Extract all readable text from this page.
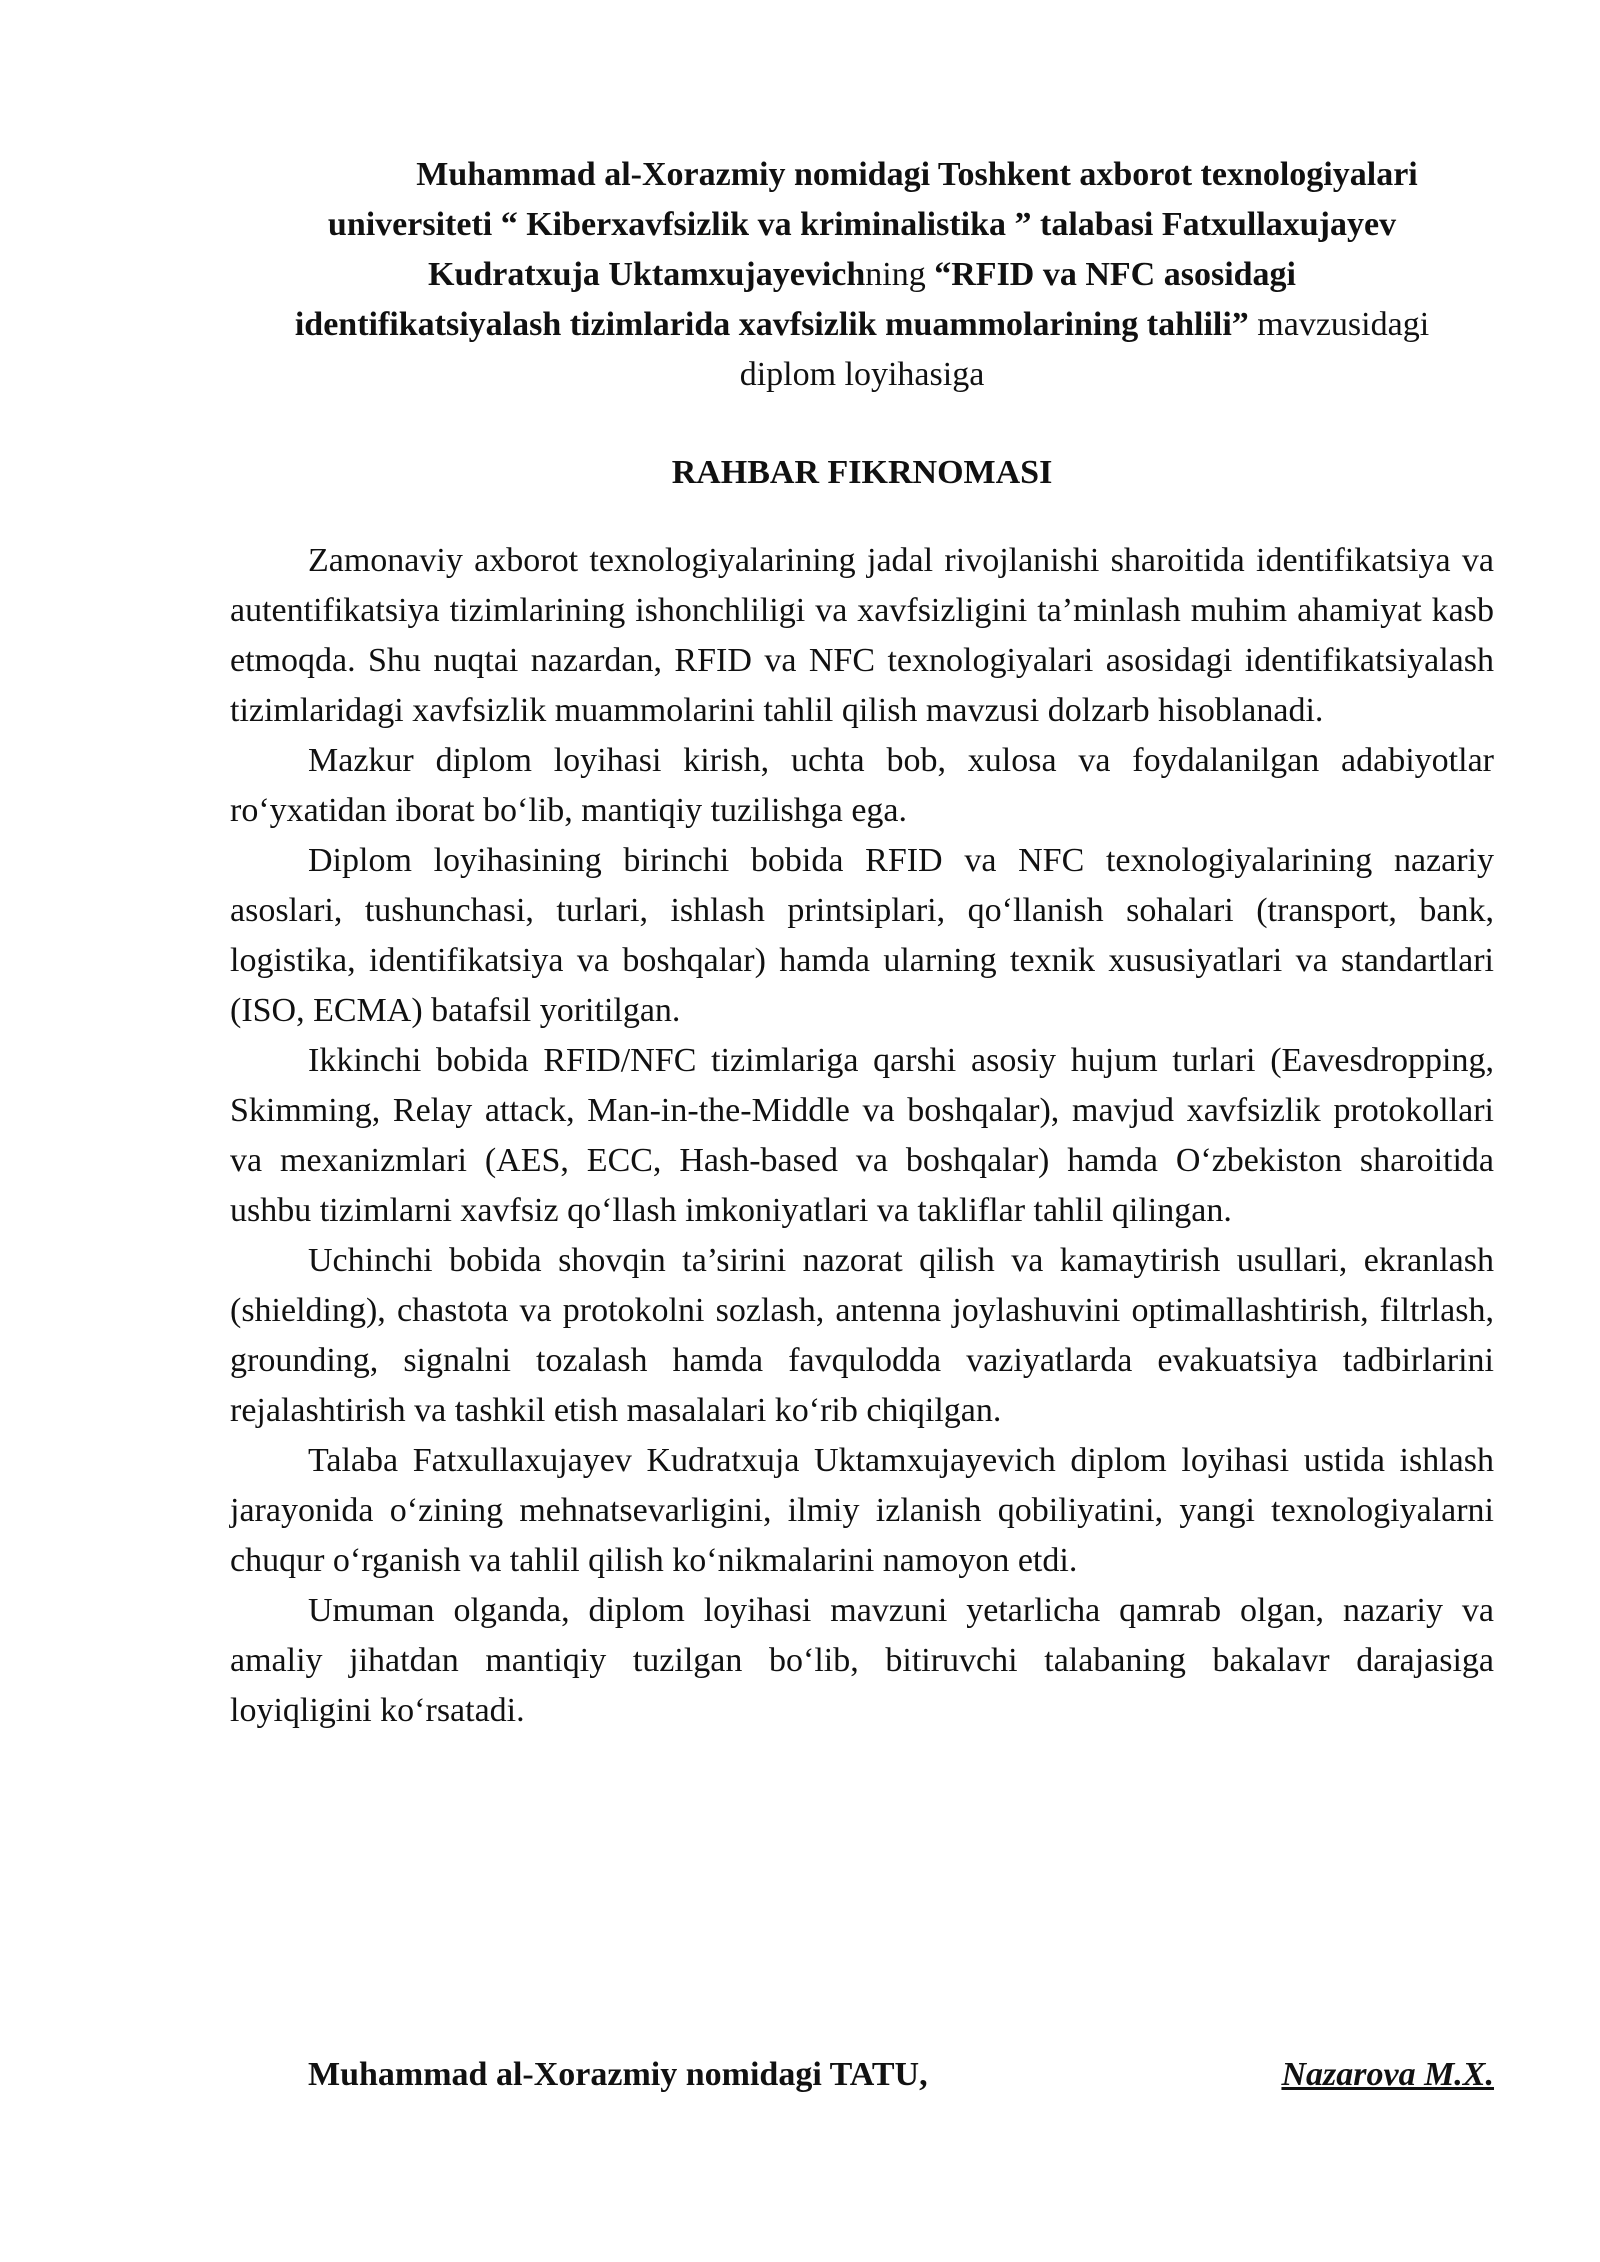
Muhammad al-Xorazmiy nomidagi Toshkent axborot texnologiyalari
universiteti “ Kiberxavfsizlik va kriminalistika ” talabasi Fatxullaxujayev
Kudratxuja Uktamxujayevichning “RFID va NFC asosidagi
identifikatsiyalash tizimlarida xavfsizlik muammolarining tahlili” mavzusidagi
diplom loyihasiga
RAHBAR FIKRNOMASI

Zamonaviy axborot texnologiyalarining jadal rivojlanishi sharoitida identifikatsiya va autentifikatsiya tizimlarining ishonchliligi va xavfsizligini ta’minlash muhim ahamiyat kasb etmoqda. Shu nuqtai nazardan, RFID va NFC texnologiyalari asosidagi identifikatsiyalash tizimlaridagi xavfsizlik muammolarini tahlil qilish mavzusi dolzarb hisoblanadi.

Mazkur diplom loyihasi kirish, uchta bob, xulosa va foydalanilgan adabiyotlar ro‘yxatidan iborat bo‘lib, mantiqiy tuzilishga ega.

Diplom loyihasining birinchi bobida RFID va NFC texnologiyalarining nazariy asoslari, tushunchasi, turlari, ishlash printsiplari, qo‘llanish sohalari (transport, bank, logistika, identifikatsiya va boshqalar) hamda ularning texnik xususiyatlari va standartlari (ISO, ECMA) batafsil yoritilgan.

Ikkinchi bobida RFID/NFC tizimlariga qarshi asosiy hujum turlari (Eavesdropping, Skimming, Relay attack, Man-in-the-Middle va boshqalar), mavjud xavfsizlik protokollari va mexanizmlari (AES, ECC, Hash-based va boshqalar) hamda O‘zbekiston sharoitida ushbu tizimlarni xavfsiz qo‘llash imkoniyatlari va takliflar tahlil qilingan.

Uchinchi bobida shovqin ta’sirini nazorat qilish va kamaytirish usullari, ekranlash (shielding), chastota va protokolni sozlash, antenna joylashuvini optimallashtirish, filtrlash, grounding, signalni tozalash hamda favqulodda vaziyatlarda evakuatsiya tadbirlarini rejalashtirish va tashkil etish masalalari ko‘rib chiqilgan.

Talaba Fatxullaxujayev Kudratxuja Uktamxujayevich diplom loyihasi ustida ishlash jarayonida o‘zining mehnatsevarligini, ilmiy izlanish qobiliyatini, yangi texnologiyalarni chuqur o‘rganish va tahlil qilish ko‘nikmalarini namoyon etdi.

Umuman olganda, diplom loyihasi mavzuni yetarlicha qamrab olgan, nazariy va amaliy jihatdan mantiqiy tuzilgan bo‘lib, bitiruvchi talabaning bakalavr darajasiga loyiqligini ko‘rsatadi.

Muhammad al-Xorazmiy nomidagi TATU,	Nazarova M.X.
